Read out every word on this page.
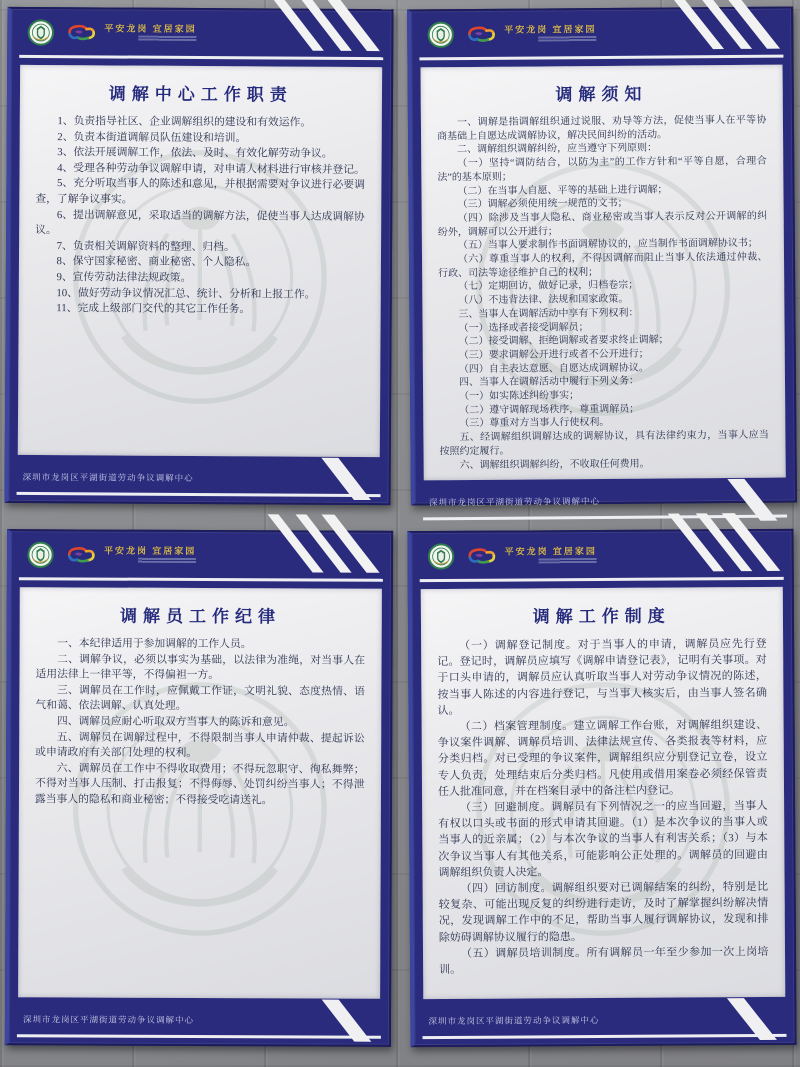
平安龙岗 宜居家园
调解中心工作职责

1、负责指导社区、企业调解组织的建设和有效运作。

2、负责本街道调解员队伍建设和培训。

3、依法开展调解工作，依法、及时、有效化解劳动争议。

4、受理各种劳动争议调解申请，对申请人材料进行审核并登记。

5、充分听取当事人的陈述和意见，并根据需要对争议进行必要调查，了解争议事实。

6、提出调解意见，采取适当的调解方法，促使当事人达成调解协议。

7、负责相关调解资料的整理、归档。

8、保守国家秘密、商业秘密、个人隐私。

9、宣传劳动法律法规政策。

10、做好劳动争议情况汇总、统计、分析和上报工作。

11、完成上级部门交代的其它工作任务。

深圳市龙岗区平湖街道劳动争议调解中心
平安龙岗 宜居家园
调解须知

一、调解是指调解组织通过说服、劝导等方法，促使当事人在平等协商基础上自愿达成调解协议，解决民间纠纷的活动。

二、调解组织调解纠纷，应当遵守下列原则：

（一）坚持“调防结合，以防为主”的工作方针和“平等自愿，合理合法”的基本原则；

（二）在当事人自愿、平等的基础上进行调解；

（三）调解必须使用统一规范的文书；

（四）除涉及当事人隐私、商业秘密或当事人表示反对公开调解的纠纷外，调解可以公开进行；

（五）当事人要求制作书面调解协议的，应当制作书面调解协议书；

（六）尊重当事人的权利，不得因调解而阻止当事人依法通过仲裁、行政、司法等途径维护自己的权利；

（七）定期回访，做好记录，归档卷宗；

（八）不违背法律、法规和国家政策。

三、当事人在调解活动中享有下列权利：

（一）选择或者接受调解员；

（二）接受调解、拒绝调解或者要求终止调解；

（三）要求调解公开进行或者不公开进行；

（四）自主表达意愿、自愿达成调解协议。

四、当事人在调解活动中履行下列义务：

（一）如实陈述纠纷事实；

（二）遵守调解现场秩序，尊重调解员；

（三）尊重对方当事人行使权利。

五、经调解组织调解达成的调解协议，具有法律约束力，当事人应当按照约定履行。

六、调解组织调解纠纷，不收取任何费用。

深圳市龙岗区平湖街道劳动争议调解中心
平安龙岗 宜居家园
调解员工作纪律

一、本纪律适用于参加调解的工作人员。

二、调解争议，必须以事实为基础，以法律为准绳，对当事人在适用法律上一律平等，不得偏袒一方。

三、调解员在工作时，应佩戴工作证，文明礼貌、态度热情、语气和蔼、依法调解、认真处理。

四、调解员应耐心听取双方当事人的陈诉和意见。

五、调解员在调解过程中，不得限制当事人申请仲裁、提起诉讼或申请政府有关部门处理的权利。

六、调解员在工作中不得收取费用；不得玩忽职守、徇私舞弊；不得对当事人压制、打击报复；不得侮辱、处罚纠纷当事人；不得泄露当事人的隐私和商业秘密；不得接受吃请送礼。

深圳市龙岗区平湖街道劳动争议调解中心
平安龙岗 宜居家园
调解工作制度

（一）调解登记制度。对于当事人的申请，调解员应先行登记。登记时，调解员应填写《调解申请登记表》，记明有关事项。对于口头申请的，调解员应认真听取当事人对劳动争议情况的陈述，按当事人陈述的内容进行登记，与当事人核实后，由当事人签名确认。

（二）档案管理制度。建立调解工作台账，对调解组织建设、争议案件调解、调解员培训、法律法规宣传、各类报表等材料，应分类归档。对已受理的争议案件，调解组织应分别登记立卷，设立专人负责，处理结束后分类归档。凡使用或借用案卷必须经保管责任人批准同意，并在档案目录中的备注栏内登记。

（三）回避制度。调解员有下列情况之一的应当回避，当事人有权以口头或书面的形式申请其回避。（1）是本次争议的当事人或当事人的近亲属；（2）与本次争议的当事人有利害关系；（3）与本次争议当事人有其他关系，可能影响公正处理的。调解员的回避由调解组织负责人决定。

（四）回访制度。调解组织要对已调解结案的纠纷，特别是比较复杂、可能出现反复的纠纷进行走访，及时了解掌握纠纷解决情况，发现调解工作中的不足，帮助当事人履行调解协议，发现和排除妨碍调解协议履行的隐患。

（五）调解员培训制度。所有调解员一年至少参加一次上岗培训。

深圳市龙岗区平湖街道劳动争议调解中心
